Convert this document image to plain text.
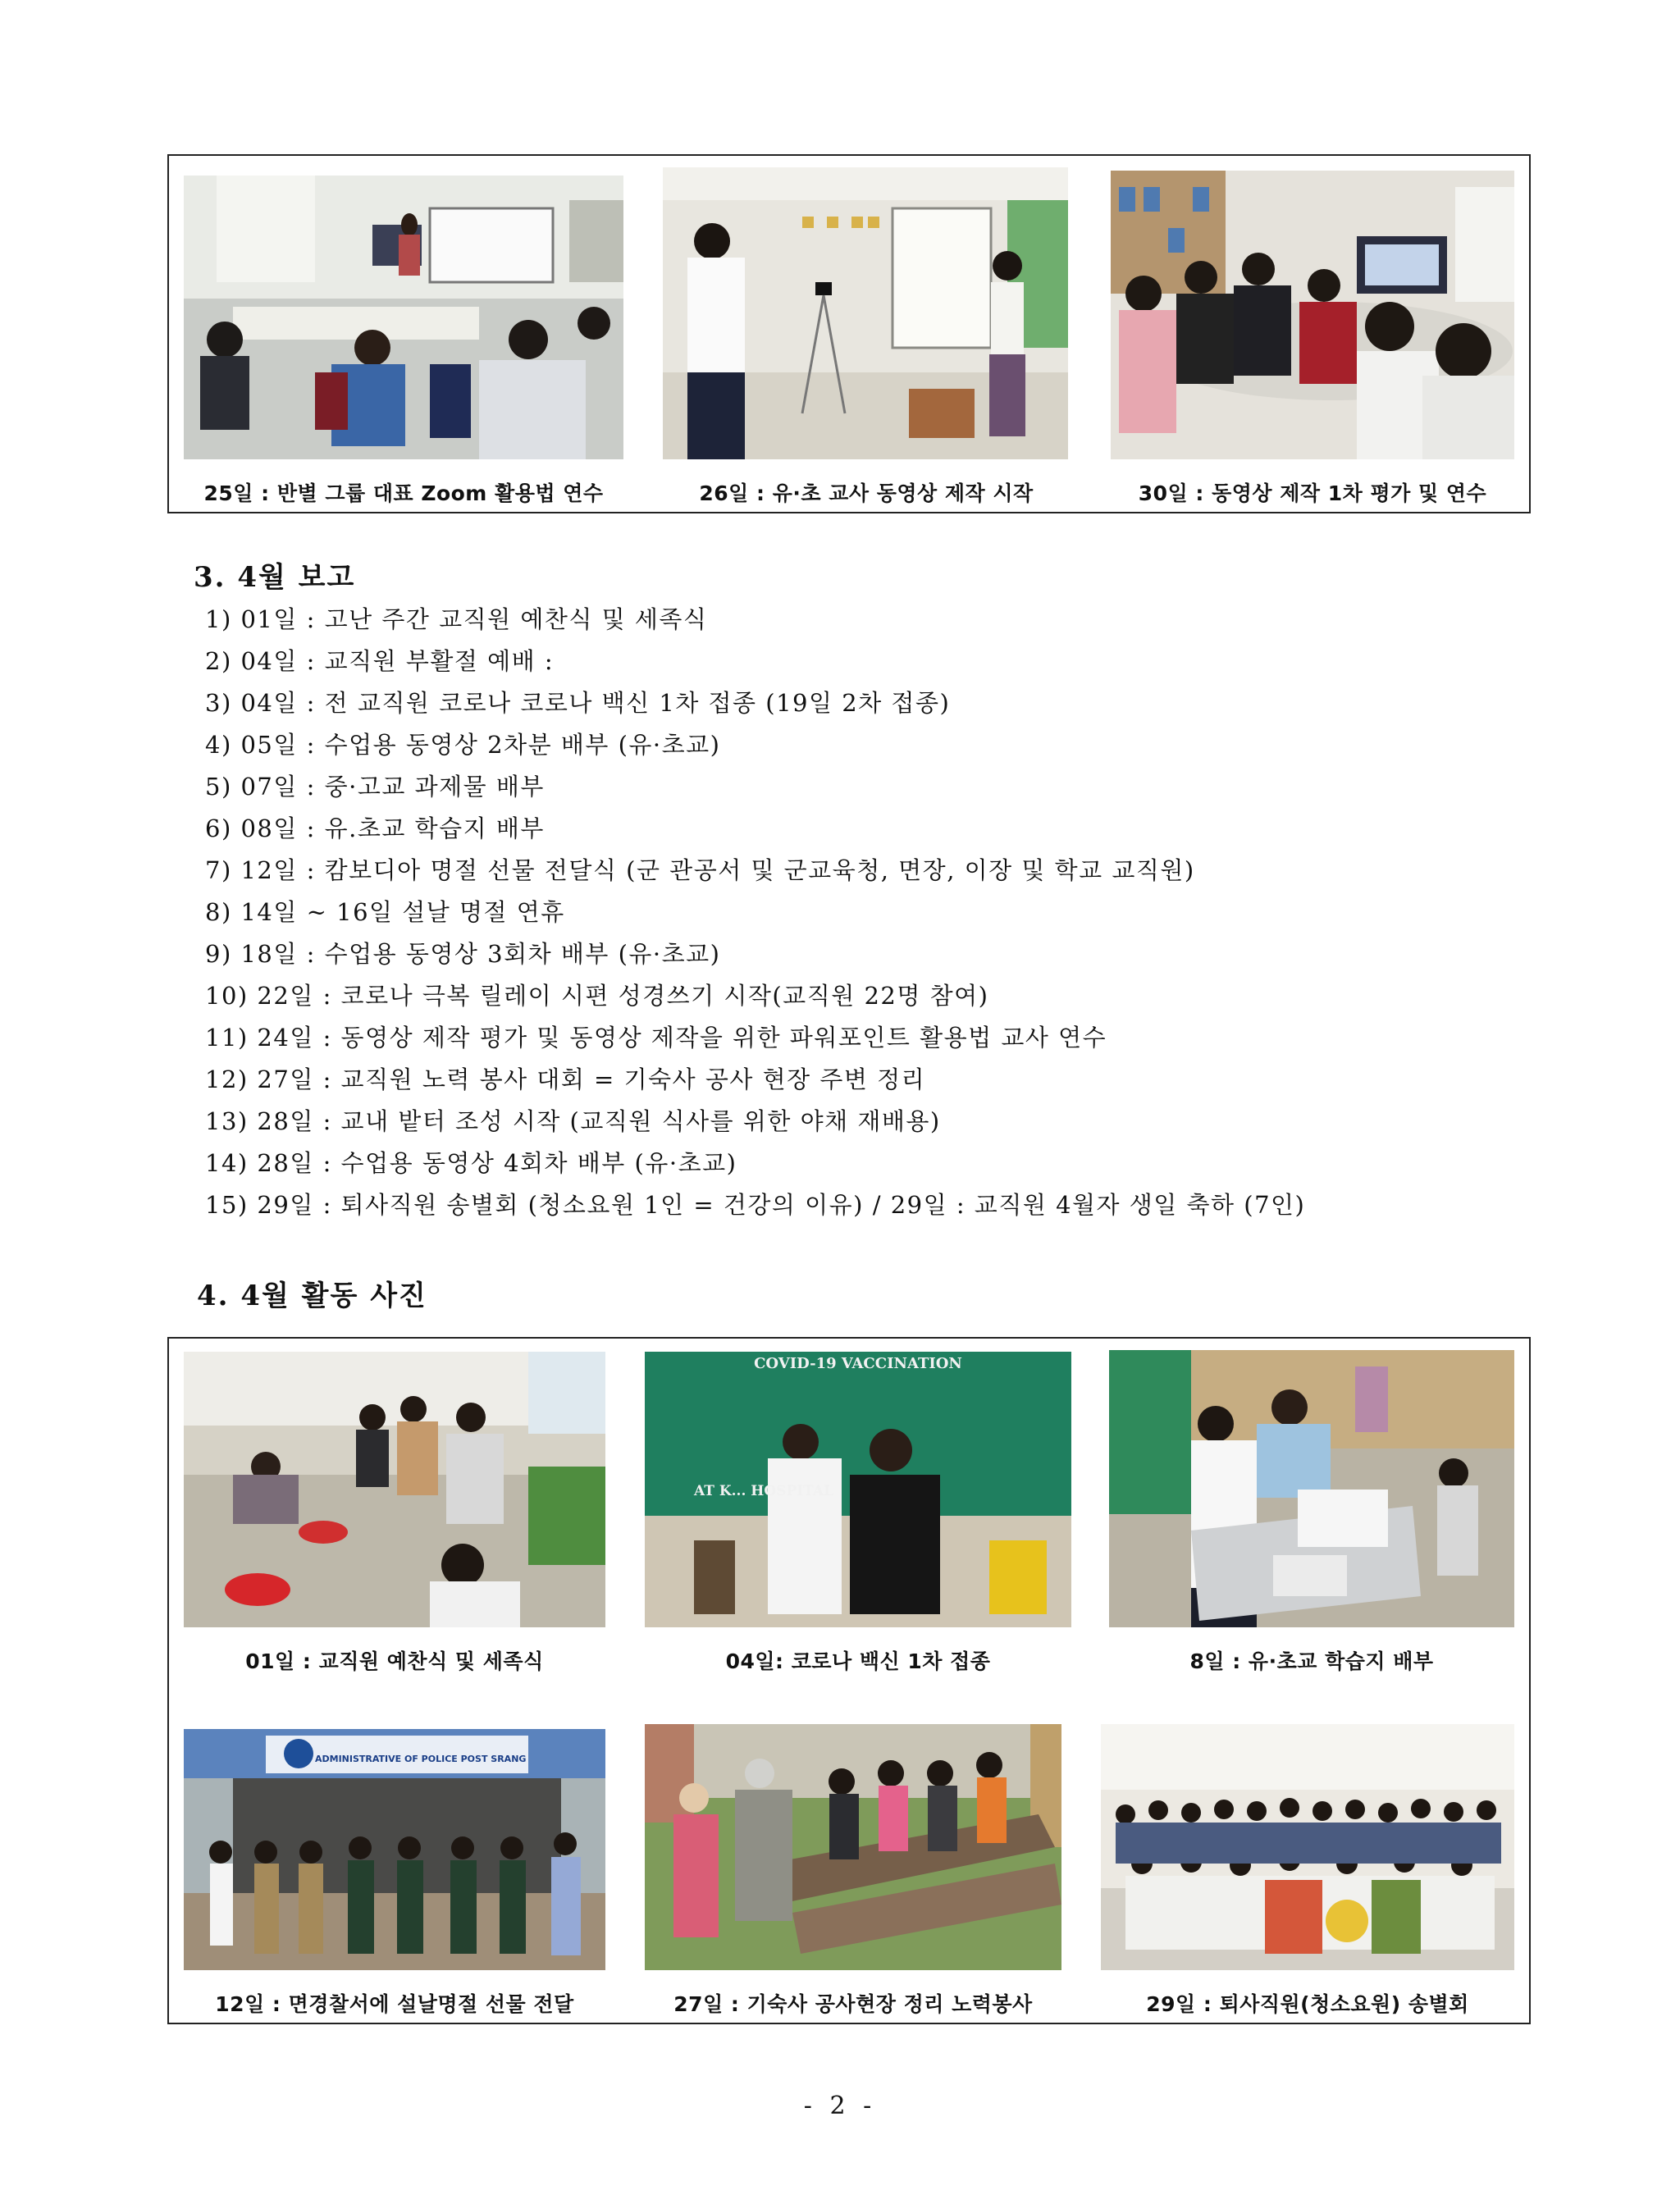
25일 : 반별 그룹 대표 Zoom 활용법 연수	26일 : 유·초 교사 동영상 제작 시작	30일 : 동영상 제작 1차 평가 및 연수
3. 4월 보고
1) 01일 : 고난 주간 교직원 예찬식 및 세족식
2) 04일 : 교직원 부활절 예배 :
3) 04일 : 전 교직원 코로나 코로나 백신 1차 접종 (19일 2차 접종)
4) 05일 : 수업용 동영상 2차분 배부 (유·초교)
5) 07일 : 중·고교 과제물 배부
6) 08일 : 유.초교 학습지 배부
7) 12일 : 캄보디아 명절 선물 전달식 (군 관공서 및 군교육청, 면장, 이장 및 학교 교직원)
8) 14일 ~ 16일 설날 명절 연휴
9) 18일 : 수업용 동영상 3회차 배부 (유·초교)
10) 22일 : 코로나 극복 릴레이 시편 성경쓰기 시작(교직원 22명 참여)
11) 24일 : 동영상 제작 평가 및 동영상 제작을 위한 파워포인트 활용법 교사 연수
12) 27일 : 교직원 노력 봉사 대회 = 기숙사 공사 현장 주변 정리
13) 28일 : 교내 밭터 조성 시작 (교직원 식사를 위한 야채 재배용)
14) 28일 : 수업용 동영상 4회차 배부 (유·초교)
15) 29일 : 퇴사직원 송별회 (청소요원 1인 = 건강의 이유) / 29일 : 교직원 4월자 생일 축하 (7인)
4. 4월 활동 사진
01일 : 교직원 예찬식 및 세족식
COVID-19 VACCINATION
AT K... HOSPITAL
04일: 코로나 백신 1차 접종	8일 : 유·초교 학습지 배부
ADMINISTRATIVE OF POLICE POST SRANG
12일 : 면경찰서에 설날명절 선물 전달	27일 : 기숙사 공사현장 정리 노력봉사	29일 : 퇴사직원(청소요원) 송별회
- 2 -
